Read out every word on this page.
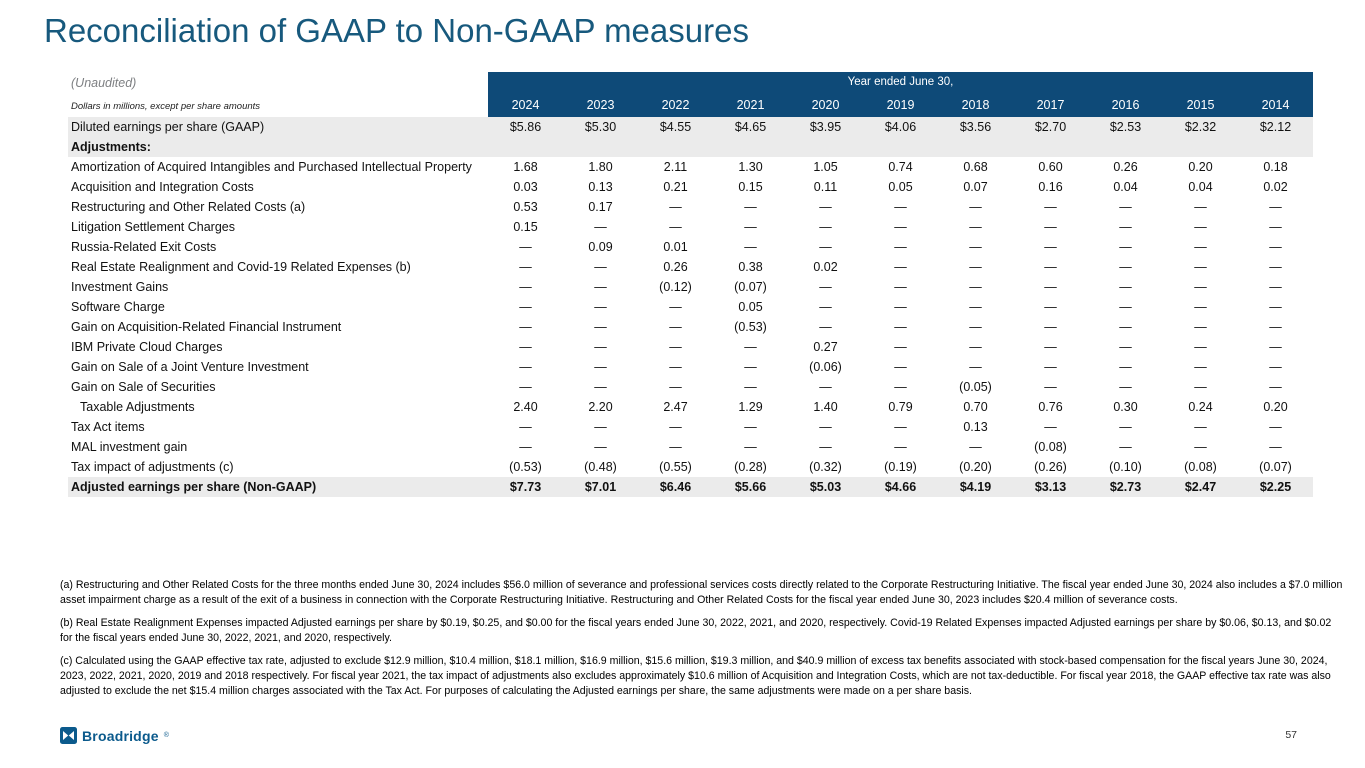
Reconciliation of GAAP to Non-GAAP measures
(Unaudited)	Year ended June 30,										
Dollars in millions, except per share amounts	2024	2023	2022	2021	2020	2019	2018	2017	2016	2015	2014
Diluted earnings per share (GAAP)	$5.86	$5.30	$4.55	$4.65	$3.95	$4.06	$3.56	$2.70	$2.53	$2.32	$2.12
Adjustments:											
Amortization of Acquired Intangibles and Purchased Intellectual Property	1.68	1.80	2.11	1.30	1.05	0.74	0.68	0.60	0.26	0.20	0.18
Acquisition and Integration Costs	0.03	0.13	0.21	0.15	0.11	0.05	0.07	0.16	0.04	0.04	0.02
Restructuring and Other Related Costs (a)	0.53	0.17	—	—	—	—	—	—	—	—	—
Litigation Settlement Charges	0.15	—	—	—	—	—	—	—	—	—	—
Russia-Related Exit Costs	—	0.09	0.01	—	—	—	—	—	—	—	—
Real Estate Realignment and Covid-19 Related Expenses (b)	—	—	0.26	0.38	0.02	—	—	—	—	—	—
Investment Gains	—	—	(0.12)	(0.07)	—	—	—	—	—	—	—
Software Charge	—	—	—	0.05	—	—	—	—	—	—	—
Gain on Acquisition-Related Financial Instrument	—	—	—	(0.53)	—	—	—	—	—	—	—
IBM Private Cloud Charges	—	—	—	—	0.27	—	—	—	—	—	—
Gain on Sale of a Joint Venture Investment	—	—	—	—	(0.06)	—	—	—	—	—	—
Gain on Sale of Securities	—	—	—	—	—	—	(0.05)	—	—	—	—
Taxable Adjustments	2.40	2.20	2.47	1.29	1.40	0.79	0.70	0.76	0.30	0.24	0.20
Tax Act items	—	—	—	—	—	—	0.13	—	—	—	—
MAL investment gain	—	—	—	—	—	—	—	(0.08)	—	—	—
Tax impact of adjustments (c)	(0.53)	(0.48)	(0.55)	(0.28)	(0.32)	(0.19)	(0.20)	(0.26)	(0.10)	(0.08)	(0.07)
Adjusted earnings per share (Non-GAAP)	$7.73	$7.01	$6.46	$5.66	$5.03	$4.66	$4.19	$3.13	$2.73	$2.47	$2.25

(a) Restructuring and Other Related Costs for the three months ended June 30, 2024 includes $56.0 million of severance and professional services costs directly related to the Corporate Restructuring Initiative. The fiscal year ended June 30, 2024 also includes a $7.0 million asset impairment charge as a result of the exit of a business in connection with the Corporate Restructuring Initiative. Restructuring and Other Related Costs for the fiscal year ended June 30, 2023 includes $20.4 million of severance costs.

(b) Real Estate Realignment Expenses impacted Adjusted earnings per share by $0.19, $0.25, and $0.00 for the fiscal years ended June 30, 2022, 2021, and 2020, respectively. Covid-19 Related Expenses impacted Adjusted earnings per share by $0.06, $0.13, and $0.02 for the fiscal years ended June 30, 2022, 2021, and 2020, respectively.

(c) Calculated using the GAAP effective tax rate, adjusted to exclude $12.9 million, $10.4 million, $18.1 million, $16.9 million, $15.6 million, $19.3 million, and $40.9 million of excess tax benefits associated with stock-based compensation for the fiscal years June 30, 2024, 2023, 2022, 2021, 2020, 2019 and 2018 respectively. For fiscal year 2021, the tax impact of adjustments also excludes approximately $10.6 million of Acquisition and Integration Costs, which are not tax-deductible. For fiscal year 2018, the GAAP effective tax rate was also adjusted to exclude the net $15.4 million charges associated with the Tax Act. For purposes of calculating the Adjusted earnings per share, the same adjustments were made on a per share basis.

Broadridge ®	57
